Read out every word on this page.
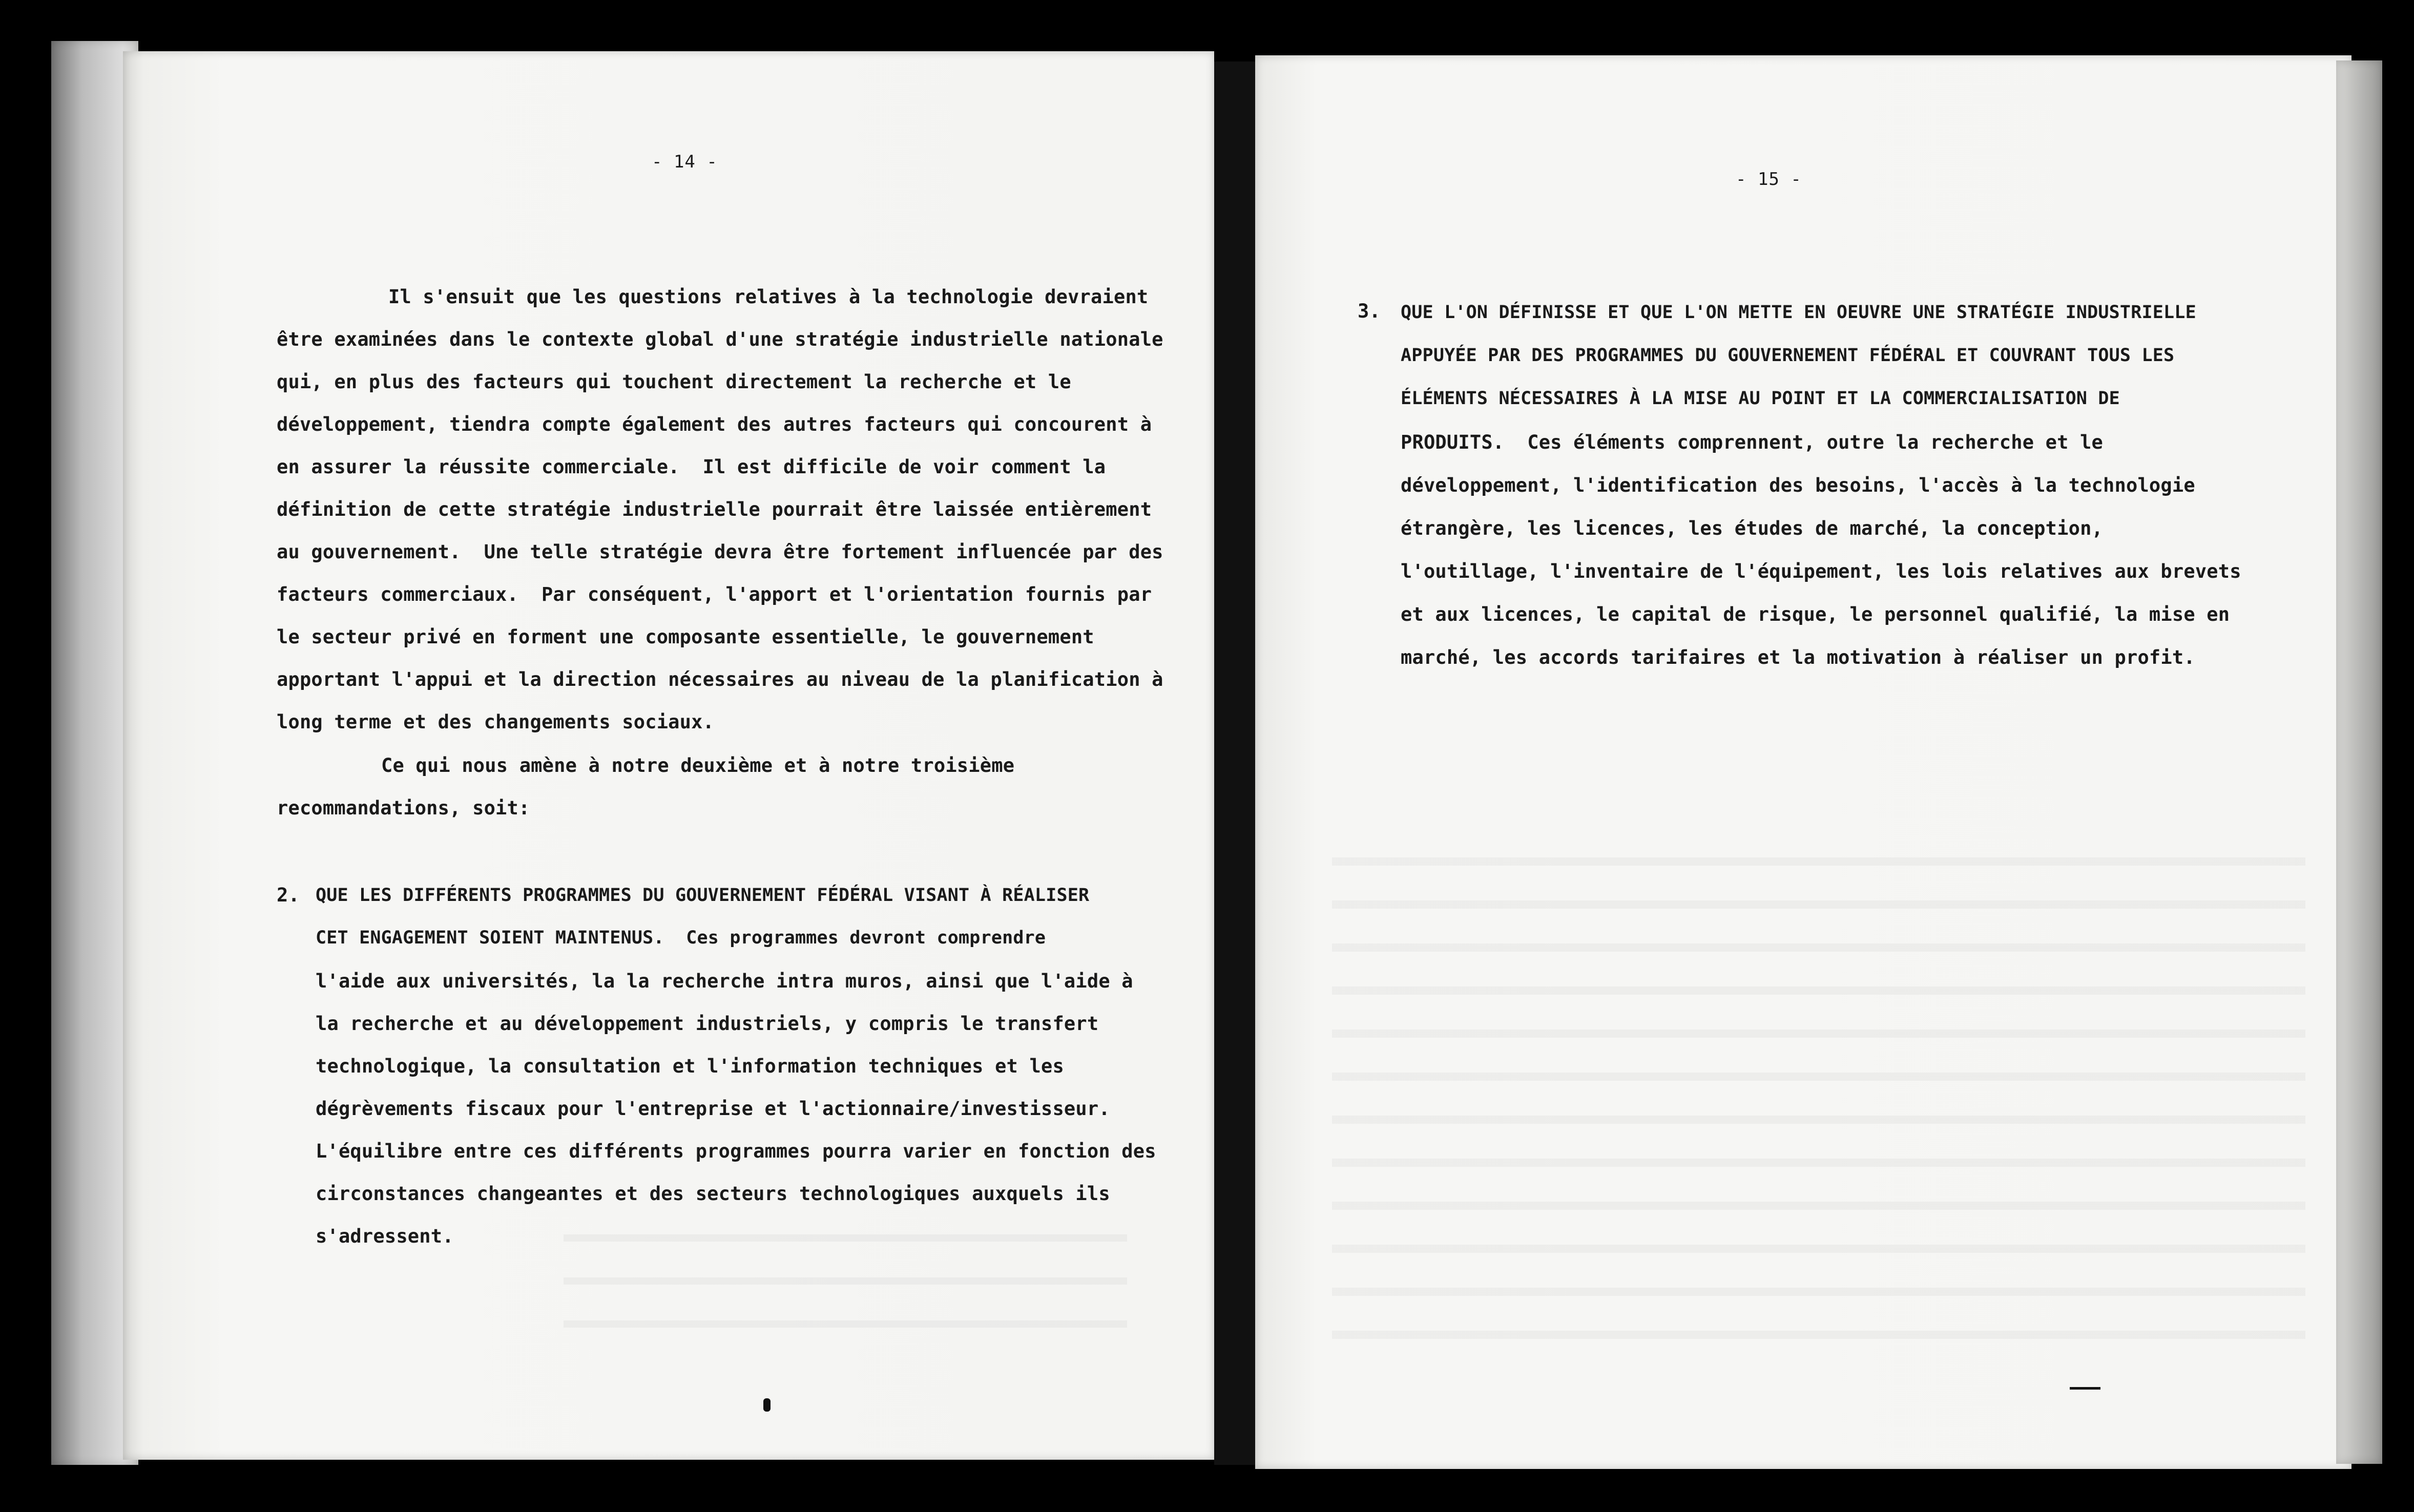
- 14 -
Il s'ensuit que les questions relatives à la technologie devraient
être examinées dans le contexte global d'une stratégie industrielle nationale
qui, en plus des facteurs qui touchent directement la recherche et le
développement, tiendra compte également des autres facteurs qui concourent à
en assurer la réussite commerciale.  Il est difficile de voir comment la
définition de cette stratégie industrielle pourrait être laissée entièrement
au gouvernement.  Une telle stratégie devra être fortement influencée par des
facteurs commerciaux.  Par conséquent, l'apport et l'orientation fournis par
le secteur privé en forment une composante essentielle, le gouvernement
apportant l'appui et la direction nécessaires au niveau de la planification à
long terme et des changements sociaux.
Ce qui nous amène à notre deuxième et à notre troisième
recommandations, soit:
2. QUE LES DIFFÉRENTS PROGRAMMES DU GOUVERNEMENT FÉDÉRAL VISANT À RÉALISER
CET ENGAGEMENT SOIENT MAINTENUS.  Ces programmes devront comprendre
l'aide aux universités, la la recherche intra muros, ainsi que l'aide à
la recherche et au développement industriels, y compris le transfert
technologique, la consultation et l'information techniques et les
dégrèvements fiscaux pour l'entreprise et l'actionnaire/investisseur.
L'équilibre entre ces différents programmes pourra varier en fonction des
circonstances changeantes et des secteurs technologiques auxquels ils
s'adressent.
- 15 -
3. QUE L'ON DÉFINISSE ET QUE L'ON METTE EN OEUVRE UNE STRATÉGIE INDUSTRIELLE
APPUYÉE PAR DES PROGRAMMES DU GOUVERNEMENT FÉDÉRAL ET COUVRANT TOUS LES
ÉLÉMENTS NÉCESSAIRES À LA MISE AU POINT ET LA COMMERCIALISATION DE
PRODUITS.  Ces éléments comprennent, outre la recherche et le
développement, l'identification des besoins, l'accès à la technologie
étrangère, les licences, les études de marché, la conception,
l'outillage, l'inventaire de l'équipement, les lois relatives aux brevets
et aux licences, le capital de risque, le personnel qualifié, la mise en
marché, les accords tarifaires et la motivation à réaliser un profit.
